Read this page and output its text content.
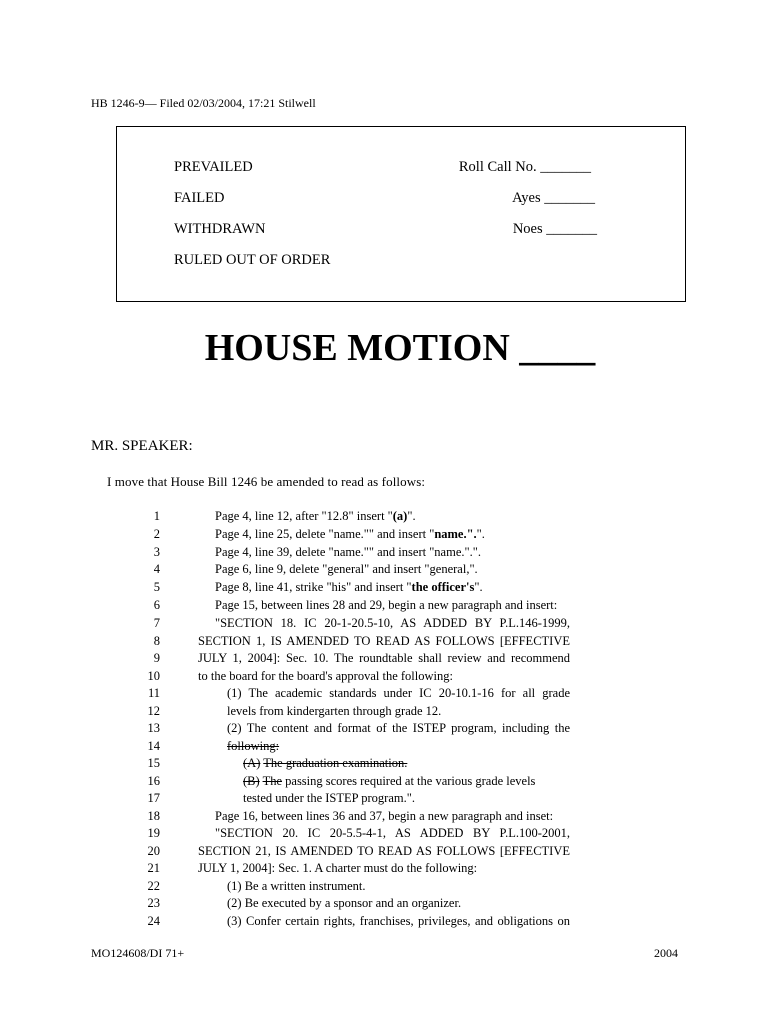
HB 1246-9— Filed 02/03/2004, 17:21 Stilwell
PREVAILED
FAILED
WITHDRAWN
RULED OUT OF ORDER
Roll Call No. _______
Ayes _______
Noes _______
HOUSE MOTION ____
MR. SPEAKER:
I move that House Bill 1246 be amended to read as follows:
1
2
3
4
5
6
7
8
9
10
11
12
13
14
15
16
17
18
19
20
21
22
23
24
Page 4, line 12, after "12.8" insert "(a)".
Page 4, line 25, delete "name."" and insert "name.".".
Page 4, line 39, delete "name."" and insert "name.".".
Page 6, line 9, delete "general" and insert "general,".
Page 8, line 41, strike "his" and insert "the officer's".
Page 15, between lines 28 and 29, begin a new paragraph and insert:
"SECTION 18. IC 20-1-20.5-10, AS ADDED BY P.L.146-1999,
SECTION 1, IS AMENDED TO READ AS FOLLOWS [EFFECTIVE
JULY 1, 2004]: Sec. 10. The roundtable shall review and recommend
to the board for the board's approval the following:
(1) The academic standards under IC 20-10.1-16 for all grade
levels from kindergarten through grade 12.
(2) The content and format of the ISTEP program, including the
following:
(A) The graduation examination.
(B) The passing scores required at the various grade levels
tested under the ISTEP program.".
Page 16, between lines 36 and 37, begin a new paragraph and inset:
"SECTION 20. IC 20-5.5-4-1, AS ADDED BY P.L.100-2001,
SECTION 21, IS AMENDED TO READ AS FOLLOWS [EFFECTIVE
JULY 1, 2004]: Sec. 1. A charter must do the following:
(1) Be a written instrument.
(2) Be executed by a sponsor and an organizer.
(3) Confer certain rights, franchises, privileges, and obligations on
MO124608/DI 71+	2004
